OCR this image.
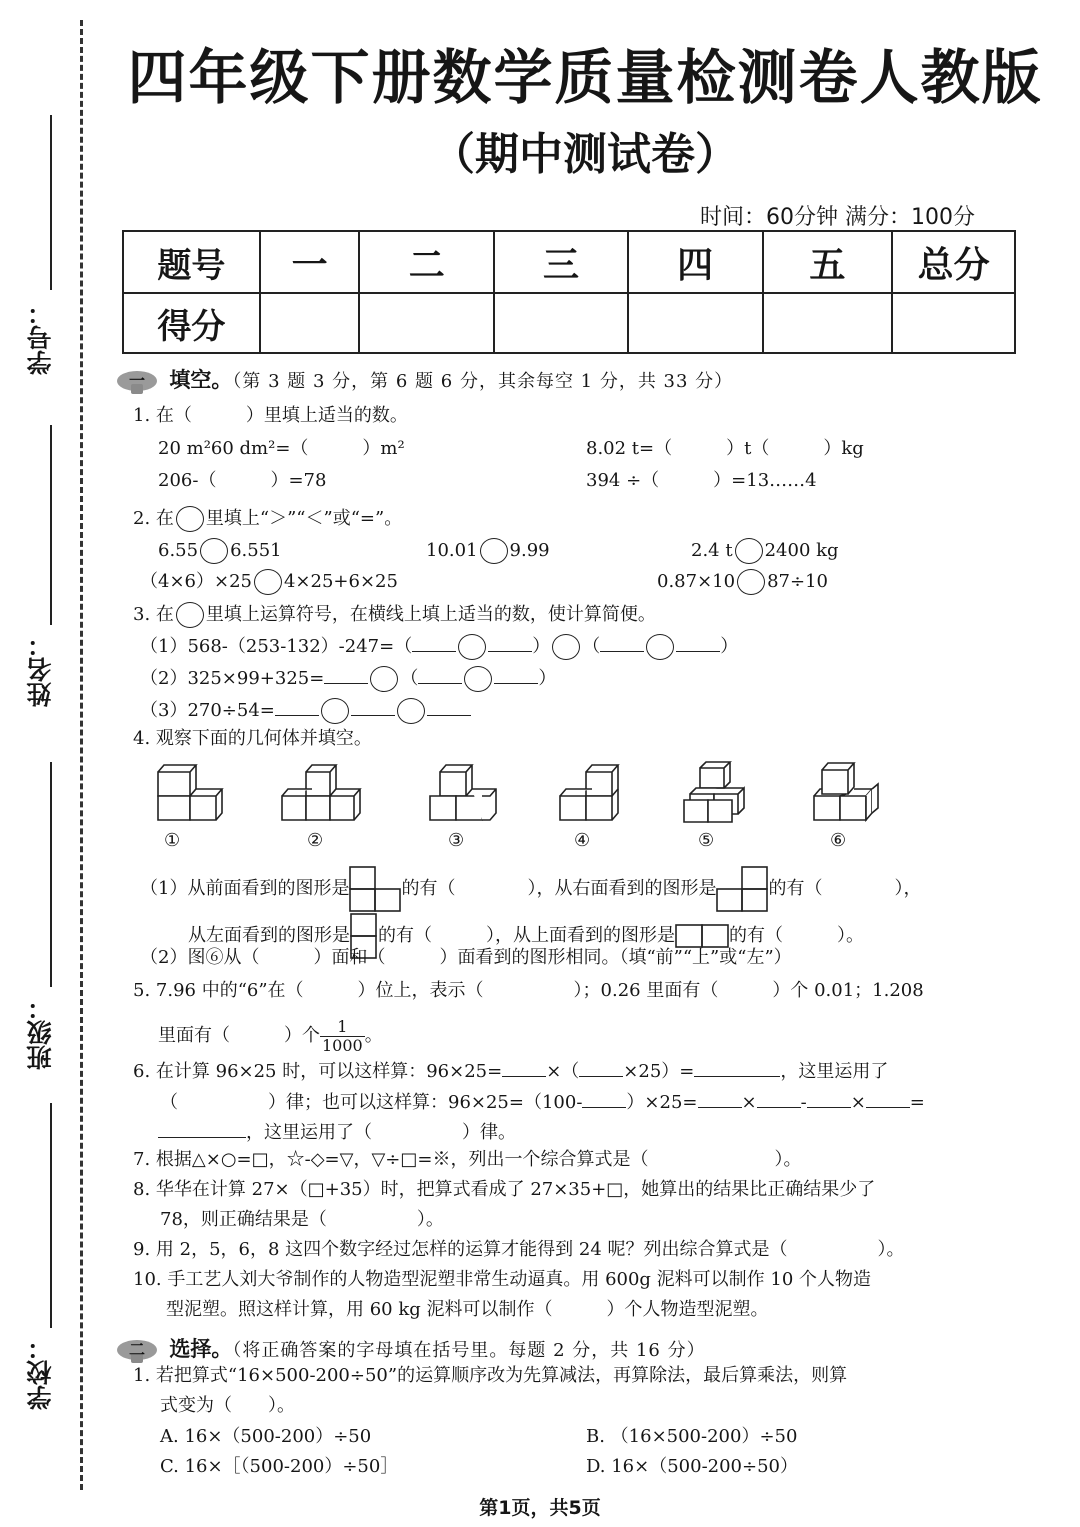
学号：
姓名：
班级：
学校：
四年级下册数学质量检测卷人教版
（期中测试卷）
时间：60分钟 满分：100分
题号	一	二	三	四	五	总分
得分						
一 填空。（第 3 题 3 分，第 6 题 6 分，其余每空 1 分，共 33 分）
1. 在（　　　）里填上适当的数。
20 m²60 dm²=（　　　）m²	8.02 t=（　　　）t（　　　）kg
206-（　　　）=78	394 ÷（　　　）=13……4
2. 在 里填上“＞”“＜”或“=”。
6.55 6.551	10.01 9.99	2.4 t 2400 kg
（4×6）×25 4×25+6×25	0.87×10 87÷10
3. 在 里填上运算符号，在横线上填上适当的数，使计算简便。
（1）568-（253-132）-247=（	） （	）
（2）325×99+325=	（	）
（3）270÷54=
4. 观察下面的几何体并填空。
①	②	③	④	⑤	⑥
（1）从前面看到的图形是	的有（　　　　），从右面看到的图形是	的有（　　　　），
从左面看到的图形是 的有（　　　），从上面看到的图形是	的有（　　　）。
（2）图⑥从（　　　）面和（　　　）面看到的图形相同。（填“前”“上”或“左”）
5. 7.96 中的“6”在（　　　）位上，表示（　　　　　）；0.26 里面有（　　　）个 0.01；1.208
里面有（　　　）个 $\frac{1}{1000}$ 。
6. 在计算 96×25 时，可以这样算：96×25= ×（ ×25）=	，这里运用了
（　　　　　）律；也可以这样算：96×25=（100- ）×25= × - × =
，这里运用了（　　　　　）律。
7. 根据△×○=□，☆-◇=▽，▽÷□=※，列出一个综合算式是（　　　　　　　）。
8. 华华在计算 27×（□+35）时，把算式看成了 27×35+□，她算出的结果比正确结果少了
78，则正确结果是（　　　　　）。
9. 用 2，5，6，8 这四个数字经过怎样的运算才能得到 24 呢？列出综合算式是（　　　　　）。
10. 手工艺人刘大爷制作的人物造型泥塑非常生动逼真。用 600g 泥料可以制作 10 个人物造
型泥塑。照这样计算，用 60 kg 泥料可以制作（　　　）个人物造型泥塑。
二 选择。（将正确答案的字母填在括号里。每题 2 分，共 16 分）
1. 若把算式“16×500-200÷50”的运算顺序改为先算减法，再算除法，最后算乘法，则算
式变为（　　）。
A. 16×（500-200）÷50	B. （16×500-200）÷50
C. 16×［（500-200）÷50］	D. 16×（500-200÷50）
第1页，共5页
